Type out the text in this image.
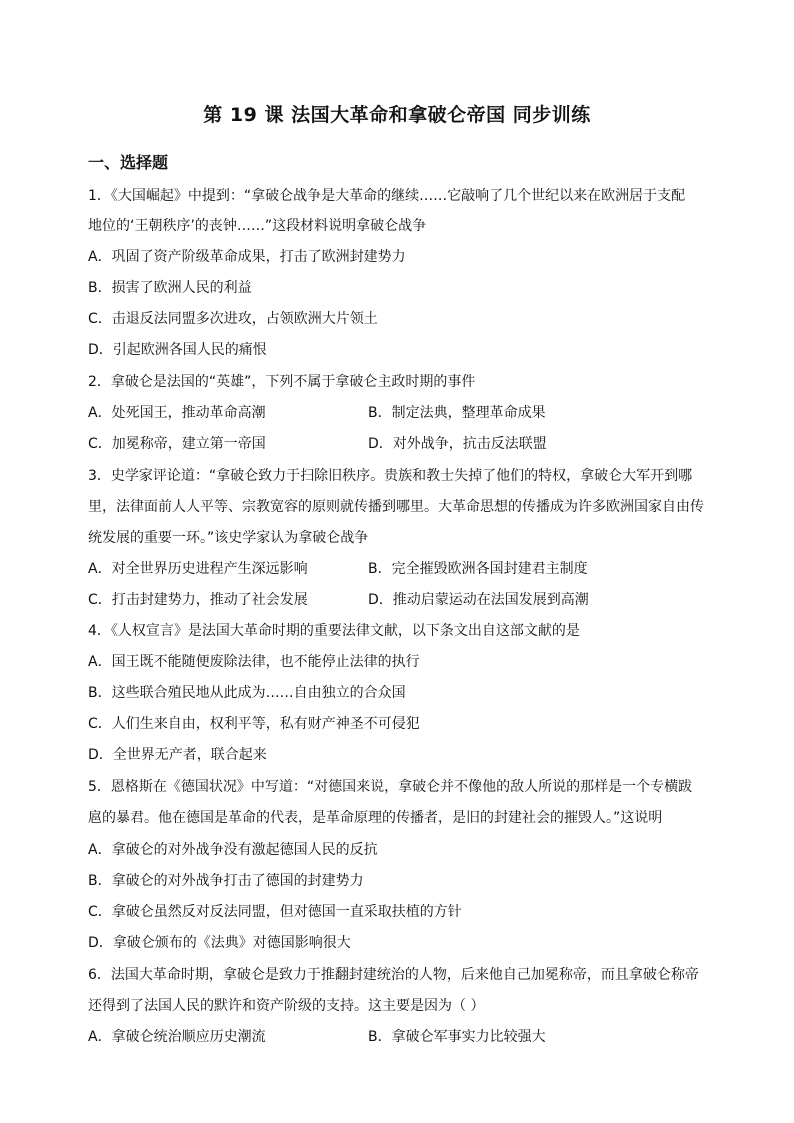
第 19 课 法国大革命和拿破仑帝国 同步训练
一、选择题
1．《大国崛起》中提到：“拿破仑战争是大革命的继续……它敲响了几个世纪以来在欧洲居于支配
地位的‘王朝秩序’的丧钟……”这段材料说明拿破仑战争
A．巩固了资产阶级革命成果，打击了欧洲封建势力
B．损害了欧洲人民的利益
C．击退反法同盟多次进攻，占领欧洲大片领土
D．引起欧洲各国人民的痛恨
2．拿破仑是法国的“英雄”，下列不属于拿破仑主政时期的事件
A．处死国王，推动革命高潮	B．制定法典，整理革命成果
C．加冕称帝，建立第一帝国	D．对外战争，抗击反法联盟
3．史学家评论道：“拿破仑致力于扫除旧秩序。贵族和教士失掉了他们的特权，拿破仑大军开到哪
里，法律面前人人平等、宗教宽容的原则就传播到哪里。大革命思想的传播成为许多欧洲国家自由传
统发展的重要一环。”该史学家认为拿破仑战争
A．对全世界历史进程产生深远影响	B．完全摧毁欧洲各国封建君主制度
C．打击封建势力，推动了社会发展	D．推动启蒙运动在法国发展到高潮
4．《人权宣言》是法国大革命时期的重要法律文献，以下条文出自这部文献的是
A．国王既不能随便废除法律，也不能停止法律的执行
B．这些联合殖民地从此成为……自由独立的合众国
C．人们生来自由，权利平等，私有财产神圣不可侵犯
D．全世界无产者，联合起来
5．恩格斯在《德国状况》中写道：“对德国来说，拿破仑并不像他的敌人所说的那样是一个专横跋
扈的暴君。他在德国是革命的代表，是革命原理的传播者，是旧的封建社会的摧毁人。”这说明
A．拿破仑的对外战争没有激起德国人民的反抗
B．拿破仑的对外战争打击了德国的封建势力
C．拿破仑虽然反对反法同盟，但对德国一直采取扶植的方针
D．拿破仑颁布的《法典》对德国影响很大
6．法国大革命时期，拿破仑是致力于推翻封建统治的人物，后来他自己加冕称帝，而且拿破仑称帝
还得到了法国人民的默许和资产阶级的支持。这主要是因为（ ）
A．拿破仑统治顺应历史潮流	B．拿破仑军事实力比较强大
